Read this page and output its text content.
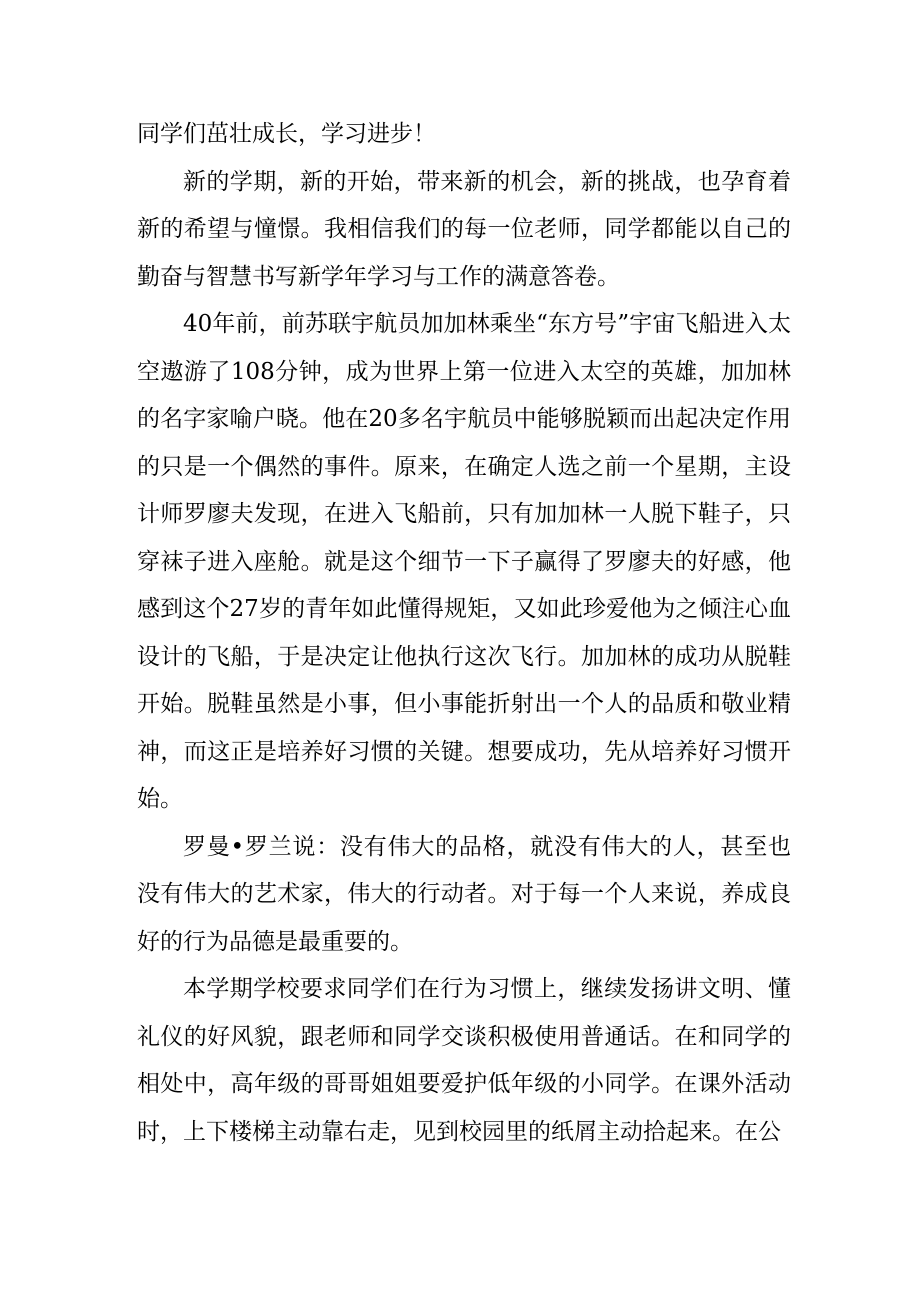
同学们茁壮成长，学习进步！

新的学期，新的开始，带来新的机会，新的挑战，也孕育着新的希望与憧憬。我相信我们的每一位老师，同学都能以自己的勤奋与智慧书写新学年学习与工作的满意答卷。

40年前，前苏联宇航员加加林乘坐“东方号”宇宙飞船进入太空遨游了108分钟，成为世界上第一位进入太空的英雄，加加林的名字家喻户晓。他在20多名宇航员中能够脱颖而出起决定作用的只是一个偶然的事件。原来，在确定人选之前一个星期，主设计师罗廖夫发现，在进入飞船前，只有加加林一人脱下鞋子，只穿袜子进入座舱。就是这个细节一下子赢得了罗廖夫的好感，他感到这个27岁的青年如此懂得规矩，又如此珍爱他为之倾注心血设计的飞船，于是决定让他执行这次飞行。加加林的成功从脱鞋开始。脱鞋虽然是小事，但小事能折射出一个人的品质和敬业精神，而这正是培养好习惯的关键。想要成功，先从培养好习惯开始。

罗曼•罗兰说：没有伟大的品格，就没有伟大的人，甚至也没有伟大的艺术家，伟大的行动者。对于每一个人来说，养成良好的行为品德是最重要的。

本学期学校要求同学们在行为习惯上，继续发扬讲文明、懂礼仪的好风貌，跟老师和同学交谈积极使用普通话。在和同学的相处中，高年级的哥哥姐姐要爱护低年级的小同学。在课外活动时，上下楼梯主动靠右走，见到校园里的纸屑主动拾起来。在公
